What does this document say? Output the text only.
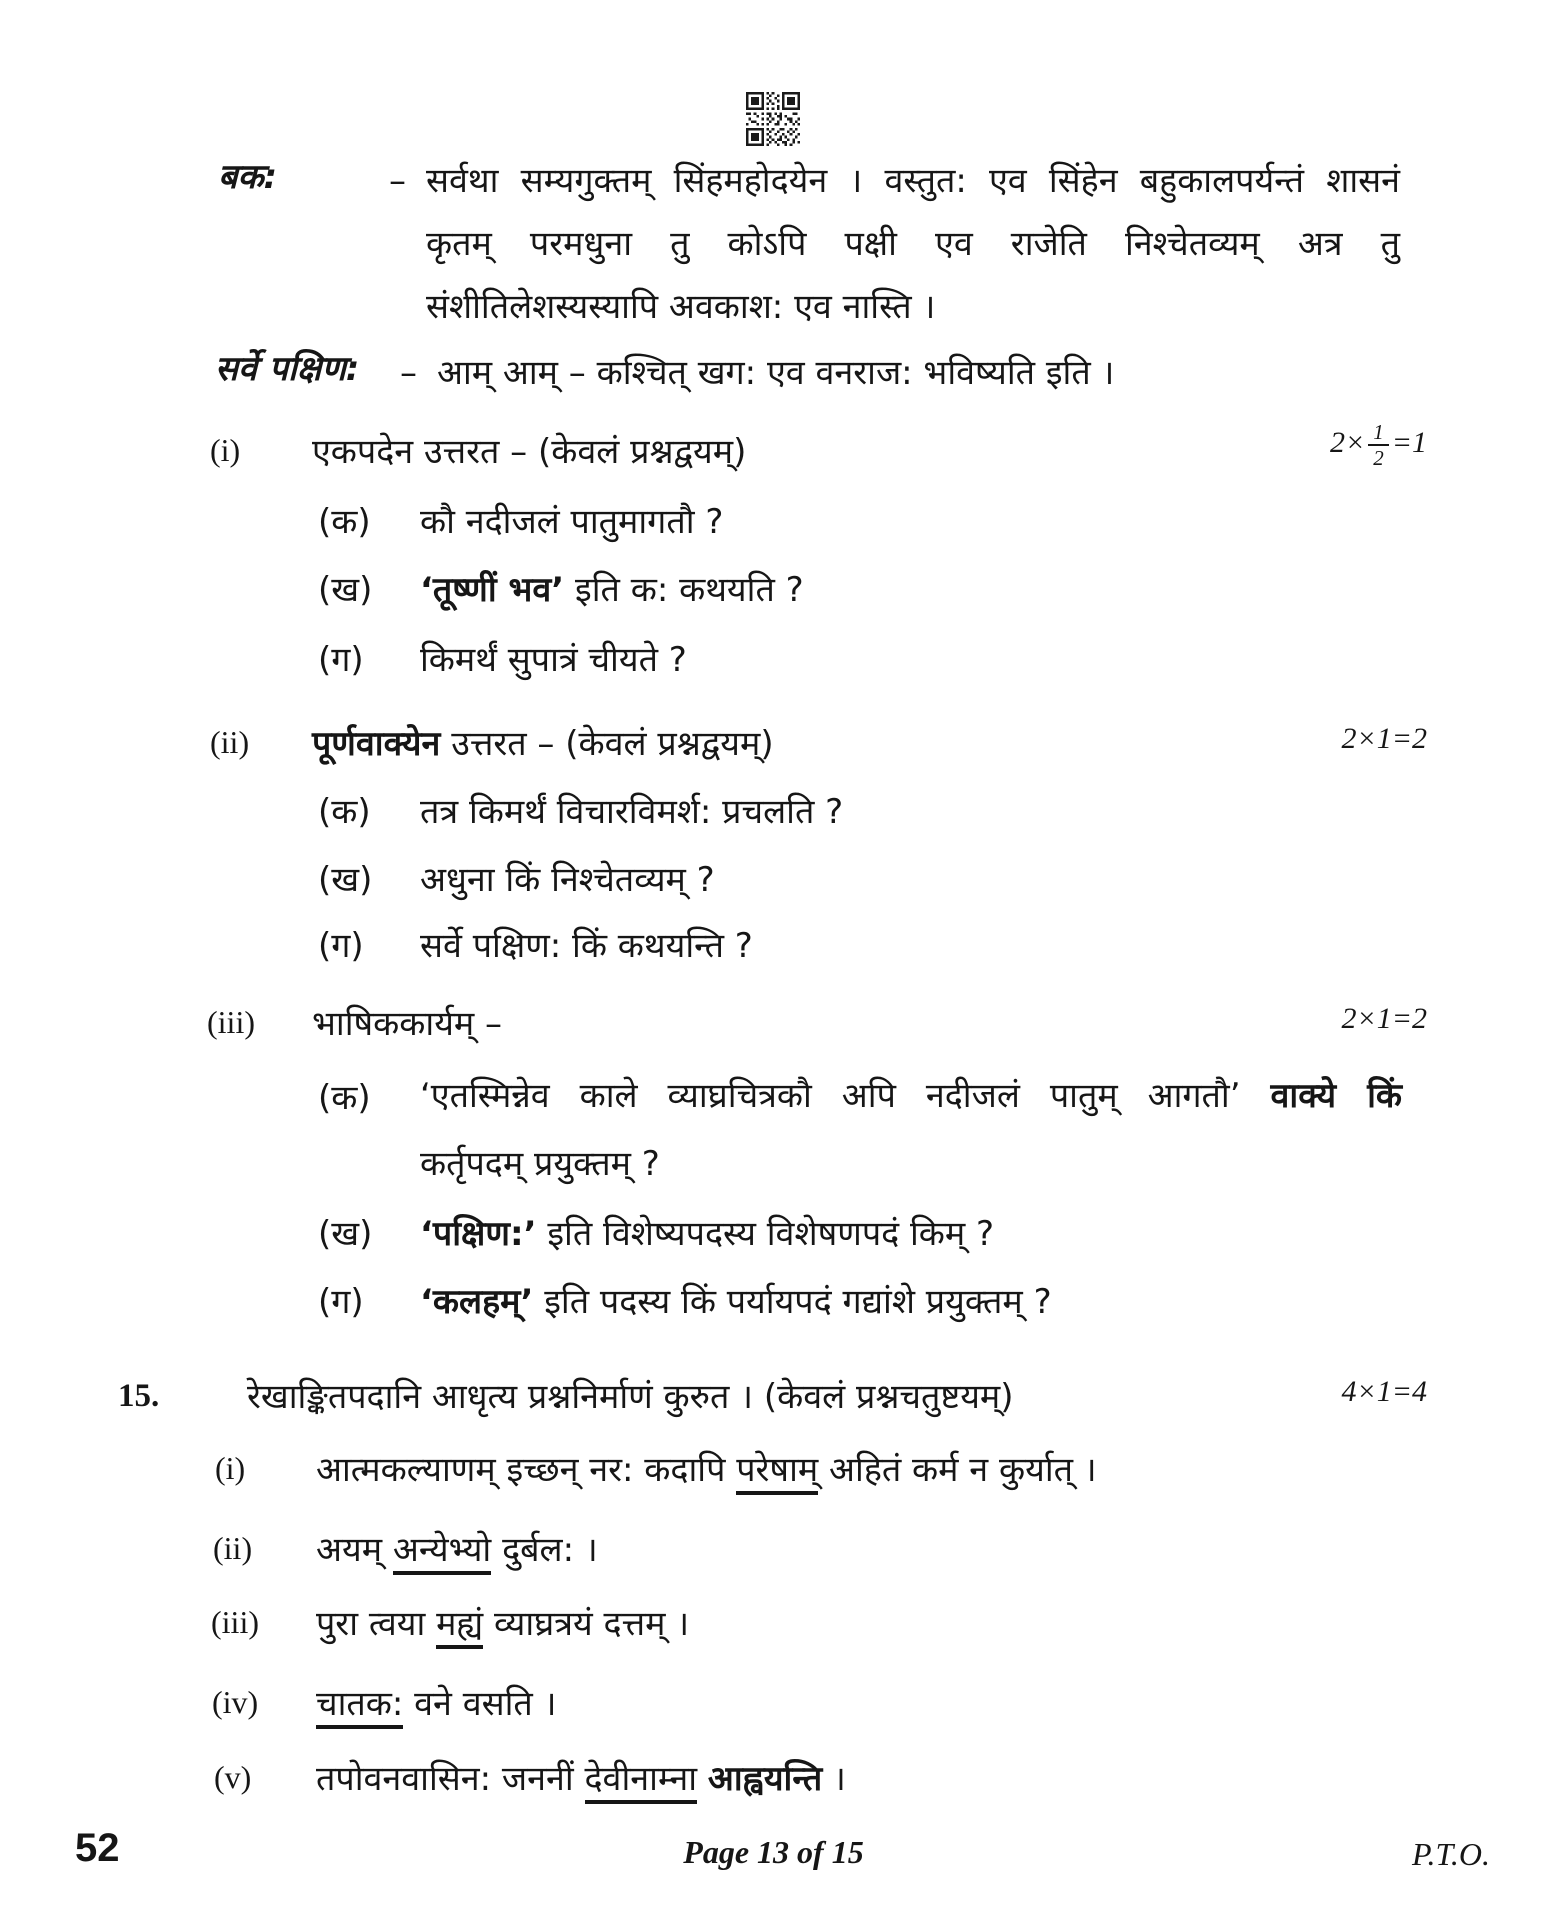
बक:	– सर्वथा सम्यगुक्तम् सिंहमहोदयेन । वस्तुत: एव सिंहेन बहुकालपर्यन्तं शासनं
कृतम् परमधुना तु कोऽपि पक्षी एव राजेति निश्चेतव्यम् अत्र तु
संशीतिलेशस्यस्यापि अवकाश: एव नास्ति ।
सर्वे पक्षिण: – आम् आम् – कश्चित् खग: एव वनराज: भविष्यति इति ।
(i) एकपदेन उत्तरत – (केवलं प्रश्नद्वयम्)	$2\times \frac{1}{2} =1$
(क) कौ नदीजलं पातुमागतौ ?
(ख) ‘तूष्णीं भव’ इति क: कथयति ?
(ग) किमर्थं सुपात्रं चीयते ?
(ii) पूर्णवाक्येन उत्तरत – (केवलं प्रश्नद्वयम्)	2×1=2
(क) तत्र किमर्थं विचारविमर्श: प्रचलति ?
(ख) अधुना किं निश्चेतव्यम् ?
(ग) सर्वे पक्षिण: किं कथयन्ति ?
(iii) भाषिककार्यम् –	2×1=2
(क) ‘एतस्मिन्नेव काले व्याघ्रचित्रकौ अपि नदीजलं पातुम् आगतौ’ वाक्ये किं
कर्तृपदम् प्रयुक्तम् ?
(ख) ‘पक्षिण:’ इति विशेष्यपदस्य विशेषणपदं किम् ?
(ग) ‘कलहम्’ इति पदस्य किं पर्यायपदं गद्यांशे प्रयुक्तम् ?
15.	रेखाङ्कितपदानि आधृत्य प्रश्ननिर्माणं कुरुत । (केवलं प्रश्नचतुष्टयम्)	4×1=4
(i) आत्मकल्याणम् इच्छन् नर: कदापि परेषाम् अहितं कर्म न कुर्यात् ।
(ii) अयम् अन्येभ्यो दुर्बल: ।
(iii) पुरा त्वया मह्यं व्याघ्रत्रयं दत्तम् ।
(iv) चातक: वने वसति ।
(v) तपोवनवासिन: जननीं देवीनाम्ना आह्वयन्ति ।
52	Page 13 of 15	P.T.O.
